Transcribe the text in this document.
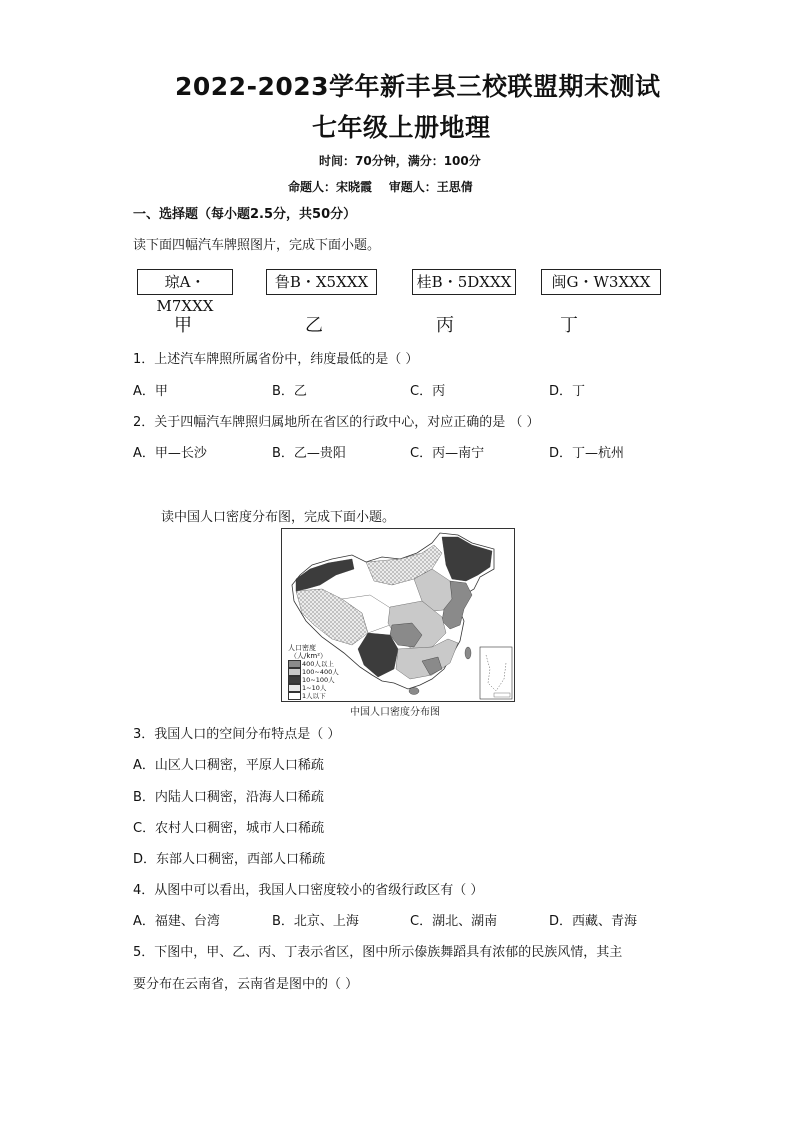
2022-2023学年新丰县三校联盟期末测试
七年级上册地理
时间：70分钟，满分：100分
命题人：宋晓霞    审题人：王思倩
一、选择题（每小题2.5分，共50分）
读下面四幅汽车牌照图片，完成下面小题。
琼A・M7XXX
鲁B・X5XXX	桂B・5DXXX	闽G・W3XXX
甲	乙	丙	丁
1．上述汽车牌照所属省份中，纬度最低的是（ ）
A．甲	B．乙	C．丙	D．丁
2．关于四幅汽车牌照归属地所在省区的行政中心，对应正确的是 （ ）
A．甲—长沙	B．乙—贵阳	C．丙—南宁	D．丁—杭州
读中国人口密度分布图，完成下面小题。
人口密度
（人/km²）
400人以上
100~400人
10~100人
1~10人
1人以下
中国人口密度分布图
3．我国人口的空间分布特点是（ ）
A．山区人口稠密，平原人口稀疏
B．内陆人口稠密，沿海人口稀疏
C．农村人口稠密，城市人口稀疏
D．东部人口稠密，西部人口稀疏
4．从图中可以看出，我国人口密度较小的省级行政区有（ ）
A．福建、台湾	B．北京、上海	C．湖北、湖南	D．西藏、青海
5．下图中，甲、乙、丙、丁表示省区，图中所示傣族舞蹈具有浓郁的民族风情，其主
要分布在云南省，云南省是图中的（ ）
